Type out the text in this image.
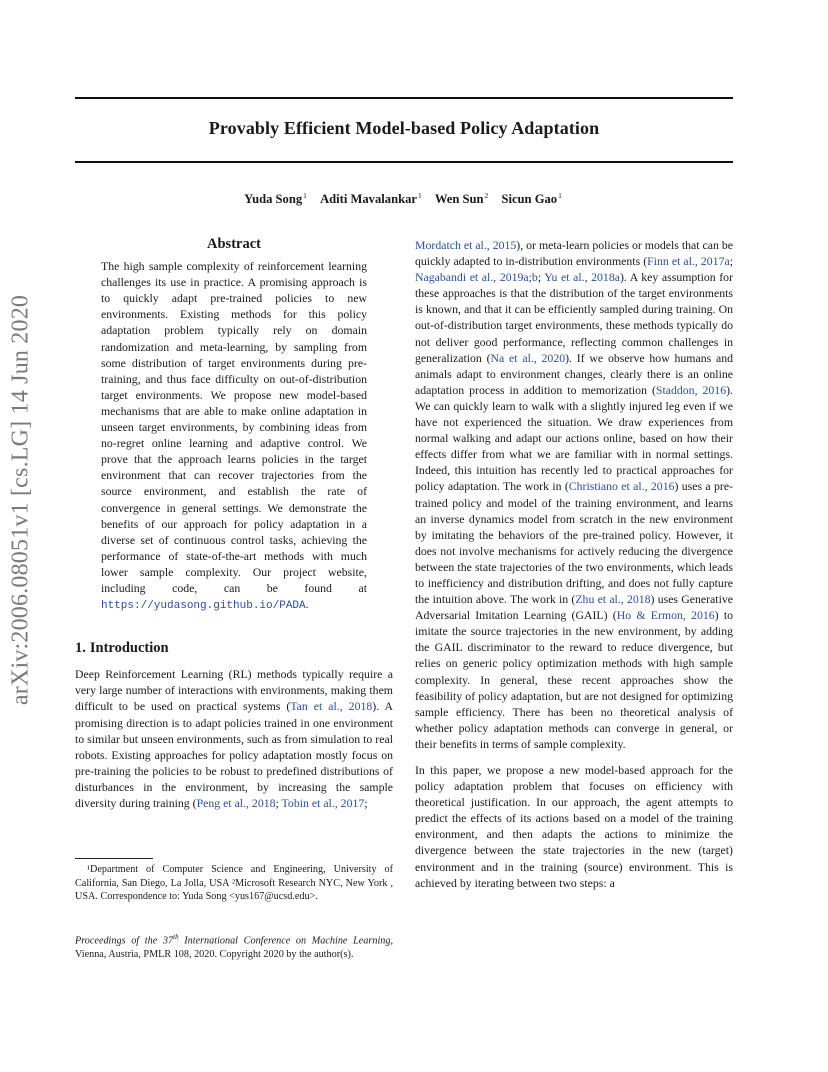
arXiv:2006.08051v1 [cs.LG] 14 Jun 2020
Provably Efficient Model-based Policy Adaptation
Yuda Song$^1$ Aditi Mavalankar$^1$ Wen Sun$^2$ Sicun Gao$^1$
Abstract

The high sample complexity of reinforcement learning challenges its use in practice. A promising approach is to quickly adapt pre-trained policies to new environments. Existing methods for this policy adaptation problem typically rely on domain randomization and meta-learning, by sampling from some distribution of target environments during pre-training, and thus face difficulty on out-of-distribution target environments. We propose new model-based mechanisms that are able to make online adaptation in unseen target environments, by combining ideas from no-regret online learning and adaptive control. We prove that the approach learns policies in the target environment that can recover trajectories from the source environment, and establish the rate of convergence in general settings. We demonstrate the benefits of our approach for policy adaptation in a diverse set of continuous control tasks, achieving the performance of state-of-the-art methods with much lower sample complexity. Our project website, including code, can be found at https://yudasong.github.io/PADA.

1. Introduction

Deep Reinforcement Learning (RL) methods typically require a very large number of interactions with environments, making them difficult to be used on practical systems (Tan et al., 2018). A promising direction is to adapt policies trained in one environment to similar but unseen environments, such as from simulation to real robots. Existing approaches for policy adaptation mostly focus on pre-training the policies to be robust to predefined distributions of disturbances in the environment, by increasing the sample diversity during training (Peng et al., 2018; Tobin et al., 2017;

¹Department of Computer Science and Engineering, University of California, San Diego, La Jolla, USA ²Microsoft Research NYC, New York , USA. Correspondence to: Yuda Song <yus167@ucsd.edu>.

Proceedings of the 37th International Conference on Machine Learning, Vienna, Austria, PMLR 108, 2020. Copyright 2020 by the author(s).

Mordatch et al., 2015), or meta-learn policies or models that can be quickly adapted to in-distribution environments (Finn et al., 2017a; Nagabandi et al., 2019a;b; Yu et al., 2018a). A key assumption for these approaches is that the distribution of the target environments is known, and that it can be efficiently sampled during training. On out-of-distribution target environments, these methods typically do not deliver good performance, reflecting common challenges in generalization (Na et al., 2020). If we observe how humans and animals adapt to environment changes, clearly there is an online adaptation process in addition to memorization (Staddon, 2016). We can quickly learn to walk with a slightly injured leg even if we have not experienced the situation. We draw experiences from normal walking and adapt our actions online, based on how their effects differ from what we are familiar with in normal settings. Indeed, this intuition has recently led to practical approaches for policy adaptation. The work in (Christiano et al., 2016) uses a pre-trained policy and model of the training environment, and learns an inverse dynamics model from scratch in the new environment by imitating the behaviors of the pre-trained policy. However, it does not involve mechanisms for actively reducing the divergence between the state trajectories of the two environments, which leads to inefficiency and distribution drifting, and does not fully capture the intuition above. The work in (Zhu et al., 2018) uses Generative Adversarial Imitation Learning (GAIL) (Ho & Ermon, 2016) to imitate the source trajectories in the new environment, by adding the GAIL discriminator to the reward to reduce divergence, but relies on generic policy optimization methods with high sample complexity. In general, these recent approaches show the feasibility of policy adaptation, but are not designed for optimizing sample efficiency. There has been no theoretical analysis of whether policy adaptation methods can converge in general, or their benefits in terms of sample complexity.

In this paper, we propose a new model-based approach for the policy adaptation problem that focuses on efficiency with theoretical justification. In our approach, the agent attempts to predict the effects of its actions based on a model of the training environment, and then adapts the actions to minimize the divergence between the state trajectories in the new (target) environment and in the training (source) environment. This is achieved by iterating between two steps: a
